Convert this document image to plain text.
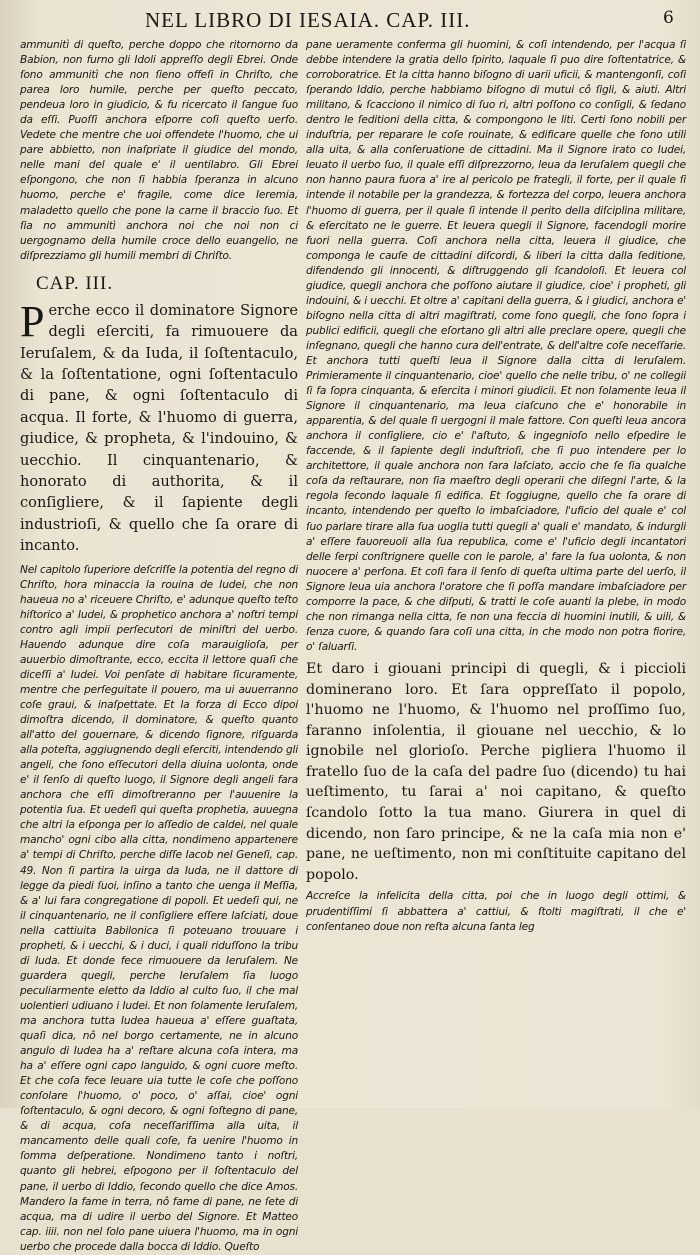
NEL LIBRO DI IESAIA. CAP. III.	6

ammunitì di queſto, perche doppo che ritornorno da Babion, non furno gli Idoli appreſſo degli Ebrei. Onde ſono ammunitì che non ſieno offeſi in Chriſto, che parea loro humile, perche per queſto peccato, pendeua loro in giudicio, & fu ricercato il ſangue ſuo da eſſi. Puoſſi anchora eſporre coſi queſto uerſo. Vedete che mentre che uoi offendete l'huomo, che ui pare abbietto, non inaſpriate il giudice del mondo, nelle mani del quale e' il uentilabro. Gli Ebrei eſpongono, che non ſi habbia ſperanza in alcuno huomo, perche e' fragile, come dice Ieremia, maladetto quello che pone la carne il braccio ſuo. Et ſia no ammunitì anchora noi che noi non ci uergognamo della humile croce dello euangelio, ne diſprezziamo gli humili membri di Chriſto.

CAP. III.

Perche ecco il dominatore Signore degli eſerciti, fa rimuouere da Ieruſalem, & da Iuda, il ſoſtentaculo, & la ſoſtentatione, ogni ſoſtentaculo di pane, & ogni ſoſtentaculo di acqua. Il forte, & l'huomo di guerra, giudice, & propheta, & l'indouino, & uecchio. Il cinquantenario, & honorato di authorita, & il conſigliere, & il ſapiente degli industrioſi, & quello che ſa orare di incanto.

Nel capitolo ſuperiore deſcriſſe la potentia del regno di Chriſto, hora minaccia la rouina de Iudei, che non haueua no a' riceuere Chriſto, e' adunque queſto teſto hiſtorico a' Iudei, & prophetico anchora a' noſtri tempi contro agli impii perſecutori de miniſtri del uerbo. Hauendo adunque dire coſa marauiglioſa, per auuerbio dimoſtrante, ecco, eccita il lettore quaſi che diceſſi a' Iudei. Voi penſate di habitare ſicuramente, mentre che perſeguitate il pouero, ma ui auuerranno coſe graui, & inaſpettate. Et la forza di Ecco dipoi dimoſtra dicendo, il dominatore, & queſto quanto all'atto del gouernare, & dicendo ſignore, riſguarda alla poteſta, aggiugnendo degli eſerciti, intendendo gli angeli, che ſono eſſecutori della diuina uolonta, onde e' il ſenſo di queſto luogo, il Signore degli angeli fara anchora che eſſi dimoſtreranno per l'auuenire la potentia ſua. Et uedeſi qui queſta prophetia, auuegna che altri la eſponga per lo aſſedio de caldei, nel quale mancho' ogni cibo alla citta, nondimeno appartenere a' tempi di Chriſto, perche diſſe Iacob nel Geneſi, cap. 49. Non ſi partira la uirga da Iuda, ne il dattore di legge da piedi ſuoi, inſino a tanto che uenga il Meſſia, & a' lui fara congregatione di popoli. Et uedeſi qui, ne il cinquantenario, ne il conſigliere eſſere laſciati, doue nella cattiuita Babilonica ſi poteuano trouuare i propheti, & i uecchi, & i duci, i quali riduſſono la tribu di Iuda. Et donde fece rimuouere da Ieruſalem. Ne guardera quegli, perche Ieruſalem ſia luogo peculiarmente eletto da Iddio al culto ſuo, il che mal uolentieri udiuano i Iudei. Et non ſolamente Ieruſalem, ma anchora tutta Iudea haueua a' eſſere guaſtata, quaſi dica, nô nel borgo certamente, ne in alcuno angulo di Iudea ha a' reſtare alcuna coſa intera, ma ha a' eſſere ogni capo languido, & ogni cuore meſto. Et che coſa fece leuare uia tutte le coſe che poſſono conſolare l'huomo, o' poco, o' aſſai, cioe' ogni ſoſtentaculo, & ogni decoro, & ogni ſoſtegno di pane, & di acqua, coſa neceſſariſſima alla uita, il mancamento delle quali coſe, fa uenire l'huomo in ſomma deſperatione. Nondimeno tanto i noſtri, quanto gli hebrei, eſpogono per il ſoſtentaculo del pane, il uerbo di Iddio, ſecondo quello che dice Amos. Mandero la fame in terra, nô fame di pane, ne ſete di acqua, ma di udire il uerbo del Signore. Et Matteo cap. iiii. non nel ſolo pane uiuera l'huomo, ma in ogni uerbo che procede dalla bocca di Iddio. Queſto

pane ueramente conferma gli huomini, & coſi intendendo, per l'acqua ſi debbe intendere la gratia dello ſpirito, laquale ſi puo dire ſoſtentatrice, & corroboratrice. Et la citta hanno biſogno di uarii uficii, & mantengonſi, coſi ſperando Iddio, perche habbiamo biſogno di mutui cô ſigli, & aiuti. Altri militano, & ſcacciono il nimico di ſuo ri, altri poſſono co conſigli, & ſedano dentro le ſeditioni della citta, & compongono le liti. Certi ſono nobili per induſtria, per reparare le coſe rouinate, & edificare quelle che ſono utili alla uita, & alla conſeruatione de cittadini. Ma il Signore irato co Iudei, leuato il uerbo ſuo, il quale eſſi diſprezzorno, leua da Ieruſalem quegli che non hanno paura fuora a' ire al pericolo pe frategli, il forte, per il quale ſi intende il notabile per la grandezza, & fortezza del corpo, leuera anchora l'huomo di guerra, per il quale ſi intende il perito della diſciplina militare, & eſercitato ne le guerre. Et leuera quegli il Signore, facendogli morire fuori nella guerra. Coſi anchora nella citta, leuera il giudice, che componga le cauſe de cittadini diſcordi, & liberi la citta dalla ſeditione, difendendo gli innocenti, & diſtruggendo gli ſcandoloſi. Et leuera col giudice, quegli anchora che poſſono aiutare il giudice, cioe' i propheti, gli indouini, & i uecchi. Et oltre a' capitani della guerra, & i giudici, anchora e' biſogno nella citta di altri magiſtrati, come ſono quegli, che ſono ſopra i publici edificii, quegli che eſortano gli altri alle preclare opere, quegli che inſegnano, quegli che hanno cura dell'entrate, & dell'altre coſe neceſſarie. Et anchora tutti queſti leua il Signore dalla citta di Ieruſalem. Primieramente il cinquantenario, cioe' quello che nelle tribu, o' ne collegii ſi fa ſopra cinquanta, & eſercita i minori giudicii. Et non ſolamente leua il Signore il cinquantenario, ma leua ciaſcuno che e' honorabile in apparentia, & del quale ſi uergogni il male fattore. Con queſti leua ancora anchora il conſigliere, cio e' l'aſtuto, & ingegnioſo nello eſpedire le faccende, & il ſapiente degli induſtrioſi, che ſi puo intendere per lo architettore, il quale anchora non ſara laſciato, accio che ſe ſia qualche coſa da reſtaurare, non ſia maeſtro degli operarii che diſegni l'arte, & la regola ſecondo laquale ſi edifica. Et ſoggiugne, quello che ſa orare di incanto, intendendo per queſto lo imbaſciadore, l'uficio del quale e' col ſuo parlare tirare alla ſua uoglia tutti quegli a' quali e' mandato, & indurgli a' eſſere fauoreuoli alla ſua republica, come e' l'uficio degli incantatori delle ſerpi conſtrignere quelle con le parole, a' fare la ſua uolonta, & non nuocere a' perſona. Et coſi fara il ſenſo di queſta ultima parte del uerſo, il Signore leua uia anchora l'oratore che ſi poſſa mandare imbaſciadore per comporre la pace, & che diſputi, & tratti le coſe auanti la plebe, in modo che non rimanga nella citta, ſe non una feccia di huomini inutili, & uili, & ſenza cuore, & quando ſara coſi una citta, in che modo non potra fiorire, o' ſaluarſi.

Et daro i giouani principi di quegli, & i piccioli dominerano loro. Et ſara oppreſſato il popolo, l'huomo ne l'huomo, & l'huomo nel proſſimo ſuo, faranno inſolentia, il giouane nel uecchio, & lo ignobile nel glorioſo. Perche pigliera l'huomo il fratello ſuo de la caſa del padre ſuo (dicendo) tu hai ueſtimento, tu ſarai a' noi capitano, & queſto ſcandolo ſotto la tua mano. Giurera in quel di dicendo, non ſaro principe, & ne la caſa mia non e' pane, ne ueſtimento, non mi conſtituite capitano del popolo.

Accreſce la infelicita della citta, poi che in luogo degli ottimi, & prudentiſſimi ſi abbattera a' cattiui, & ſtolti magiſtrati, il che e' conſentaneo doue non reſta alcuna ſanta leg
